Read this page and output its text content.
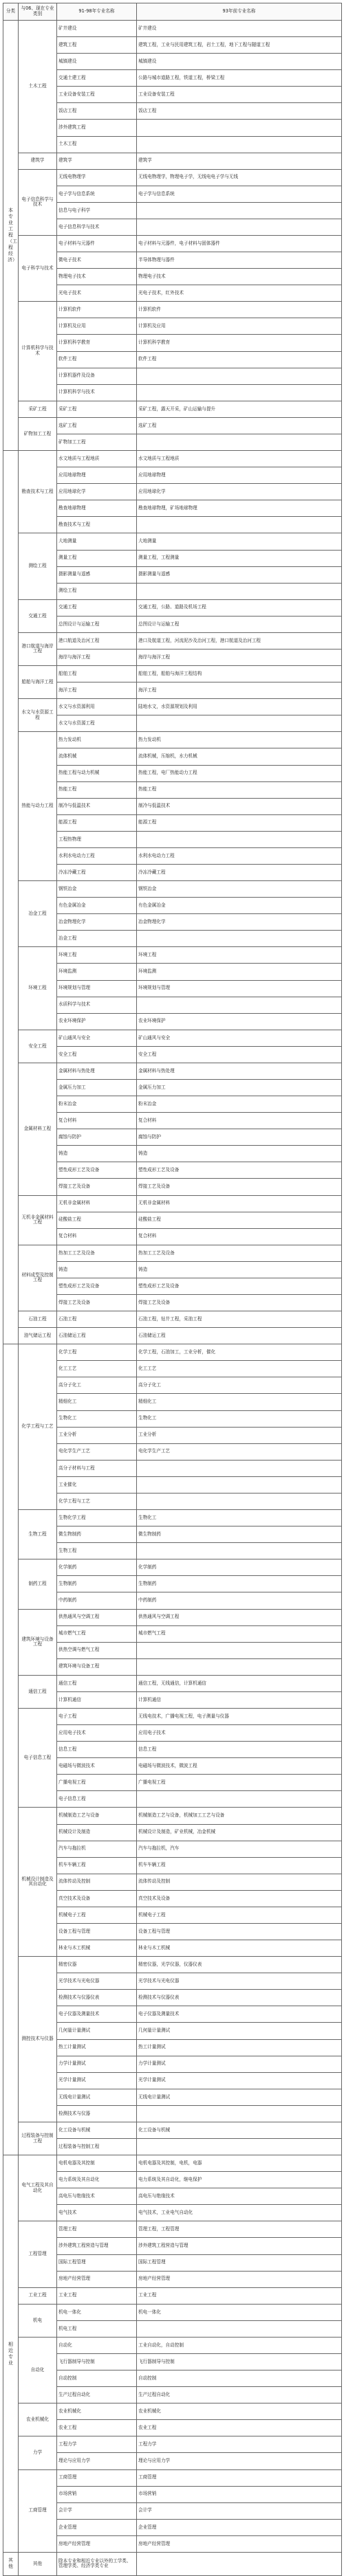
分类	与06、现在专业类别	91-98年专业名称	93年前专业名称
本专业工程（工程经济）	土木工程	矿井建设	矿井建设
		建筑工程	建筑工程，工业与民用建筑工程，岩土工程，地下工程与隧道工程
		城镇建设	城镇建设
		交通土建工程	公路与城市道路工程，铁道工程，桥梁工程
		工业设备安装工程	工业设备安装工程
		饭店工程	饭店工程
		涉外建筑工程	
		土木工程	
	建筑学	建筑学	建筑学
	电子信息科学与技术	无线电物理学	无线电物理学，物理电子学，无线电电子学与无线
		电子学与信息系统	电子学与信息系统
		信息与电子科学	
		电子信息科学与技术	
	电子科学与技术	电子材料与元器件	电子材料与元器件，电子材料与固体器件
		微电子技术	半导体物理与器件
		物理电子技术	物理电子技术
		光电子技术	光电子技术，红外技术
	计算机科学与技术	计算机软件	计算机软件
		计算机及应用	计算机及应用
		计算机科学教育	计算机科学教育
		软件工程	软件工程
		计算机器件及设备	
		计算机科学与技术	
	采矿工程	采矿工程	采矿工程，露天开采，矿山运输与提升
	矿物加工工程	选矿工程	选矿工程
		矿物加工工程	
	勘查技术与工程	水文地质与工程地质	水文地质与工程地质
		应用地球物理	应用地球物理
		应用地球化学	应用地球化学
		勘查地球物理	勘查地球物理，矿场地球物理
		勘查技术与工程	
	测绘工程	大地测量	大地测量
		测量工程	测量工程，工程测量
		摄影测量与遥感	摄影测量与遥感
		测绘工程	
	交通工程	交通工程	交通工程，公路、道路及机场工程
		总图设计与运输工程	总图设计与运输工程
	港口航道与海岸工程	港口航道及治河工程	港口及航道工程，河流泥沙及治河工程，港口航道及治河工程
		海岸与海洋工程	海岸与海洋工程
	船舶与海洋工程	船舶工程	船舶工程，船舶与海洋工程结构
		海洋工程	海洋工程
	水文与水资源工程	水文与水资源利用	陆地水文，水资源规划及利用
		水文与水资源工程	
	热能与动力工程	热力发动机	热力发动机
		流体机械	流体机械，压缩机，水力机械
		热能工程与动力机械	热能工程，电厂热能动力工程
		热能工程	热能工程
		制冷与低温技术	制冷与低温技术
		能源工程	能源工程
		工程热物理	
		水利水电动力工程	水利水电动力工程
		冷冻冷藏工程	冷冻冷藏工程
	冶金工程	钢铁冶金	钢铁冶金
		有色金属冶金	有色金属冶金
		冶金物理化学	冶金物理化学
		冶金工程	
	环境工程	环境工程	环境工程
		环境监测	环境监测
		环境规划与管理	环境规划与管理
		水质科学与技术	
		农业环境保护	农业环境保护
	安全工程	矿山通风与安全	矿山通风与安全
		安全工程	安全工程
	金属材料工程	金属材料与热处理	金属材料与热处理
		金属压力加工	金属压力加工
		粉末冶金	粉末冶金
		复合材料	复合材料
		腐蚀与防护	腐蚀与防护
		铸造	铸造
		塑性成形工艺及设备	塑性成形工艺及设备
		焊接工艺及设备	焊接工艺及设备
	无机非金属材料工程	无机非金属材料	无机非金属材料
		硅酸盐工程	硅酸盐工程
		复合材料	复合材料
	材料成型及控制工程	热加工工艺及设备	热加工工艺及设备
		铸造	铸造
		塑性成形工艺及设备	塑性成形工艺及设备
		焊接工艺及设备	焊接工艺及设备
	石油工程	石油工程	石油工程，钻井工程，采油工程
	油气储运工程	石油储运工程	石油储运工程
	化学工程与工艺	化学工程	化学工程，石油加工，工业分析，催化
		化工工艺	化工工艺
		高分子化工	高分子化工
		精细化工	精细化工
		生物化工	生物化工
		工业分析	工业分析
		电化学生产工艺	电化学生产工艺
		高分子材料与工程	
		工业催化	
		化学工程与工艺	
	生物工程	生物化学工程	生物化工
		微生物制药	微生物制药
		生物工程	
	制药工程	化学制药	化学制药
		生物制药	生物制药
		中药制药	中药制药
	建筑环境与设备工程	供热通风与空调工程	供热通风与空调工程
		城市燃气工程	城市燃气工程
		供热空调与燃气工程	
		建筑环境与设备工程	
	通信工程	通信工程	通信工程，无线通信，计算机通信
		计算机通信	计算机通信
	电子信息工程	电子工程	无线电技术，广播电视工程，电子测量与仪器
		应用电子技术	应用电子技术
		信息工程	信息工程
		电磁场与微波技术	电磁场与微波技术，微波工程
		广播电视工程	广播电视工程
		电子信息工程	
	机械设计制造及其自动化	机械制造工艺与设备	机械制造工艺与设备，机械加工工艺与设备
		机械设计及制造	机械设计及制造，矿业机械，冶金机械
		汽车与拖拉机	汽车与拖拉机，汽车
		机车车辆工程	机车车辆工程
		流体传动及控制	流体传动及控制
		真空技术及设备	真空技术及设备
		机械电子工程	机械电子工程
		设备工程与管理	设备工程与管理
		林业与木工机械	林业与木工机械
	测控技术与仪器	精密仪器	精密仪器，光学仪器，仪器仪表
		光学技术与光电仪器	光学技术与光电仪器
		检测技术与仪器仪表	检测技术与仪器仪表
		电子仪器及测量技术	电子仪器及测量技术
		几何量计量测试	几何量计量测试
		热工计量测试	热工计量测试
		力学计量测试	力学计量测试
		光学计量测试	光学计量测试
		无线电计量测试	无线电计量测试
		检测技术与仪器	
	过程装备与控制工程	化工设备与机械	化工设备与机械
		过程装备与控制工程	
相近专业	电气工程及其自动化	电机电器及其控制	电机电器及其控制，电机，电器
		电力系统及其自动化	电力系统及其自动化，继电保护
		高电压与绝缘技术	高电压与绝缘技术
		电气技术	电气技术，工业电气自动化
	工程管理	管理工程	管理工程，工程管理
		涉外建筑工程营造与管理	涉外建筑工程营造与管理
		国际工程管理	国际工程管理
		房地产经营管理	房地产经营管理
	工业工程	工业工程	工业工程
	机电	机电一体化	机电一体化
		机电工程	
	自动化	自动化	工业自动化，自动控制
		飞行器制导与控制	飞行器制导与控制
		自动控制	自动控制
		生产过程自动化	生产过程自动化
	农业机械化	农业机械化	农业机械化
		农业工程	农业工程
	力学	工程力学	工程力学
		理论与应用力学	理论与应用力学
	工商管理	工商管理	工商管理
		市场营销	市场营销
		会计学	会计学
		企业管理	企业管理
		房地产经营管理	房地产经营管理
其他	其他	除本专业和相近专业以外的工学类、管理学类、经济学类专业	
